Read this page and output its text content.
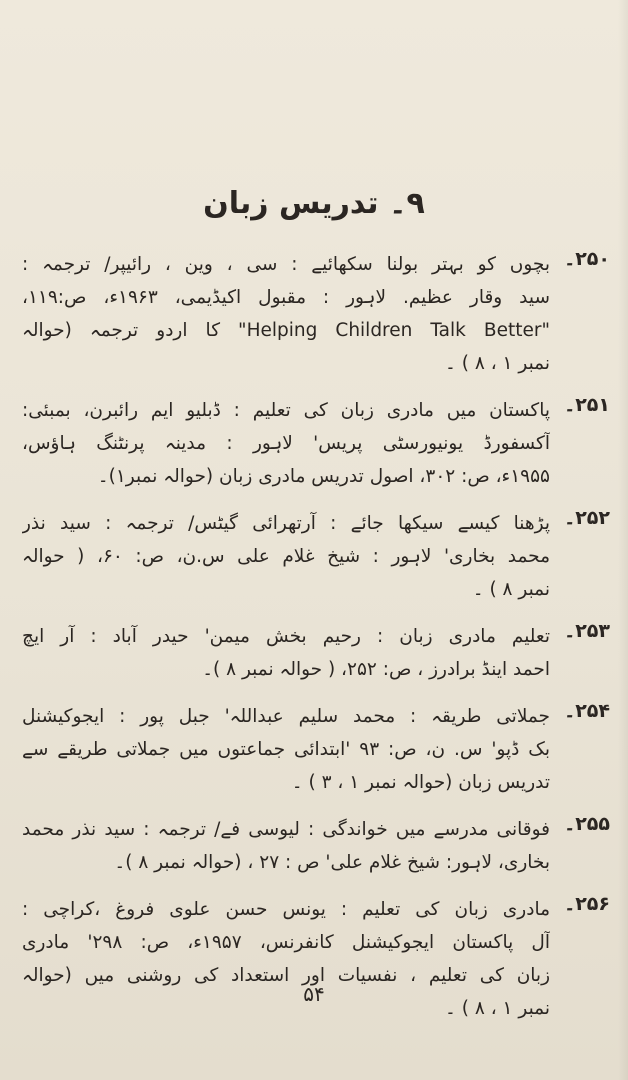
۹۔ تدریس زبان
۲۵۰۔
بچوں کو بہتر بولنا سکھائیے : سی ، وین ، رائیپر/ ترجمہ :
سید وقار عظیم. لاہور : مقبول اکیڈیمی، ۱۹۶۳ء، ص:۱۱۹،
"Helping Children Talk Better" کا اردو ترجمہ (حوالہ
نمبر ۱ ، ۸ ) ۔
۲۵۱۔
پاکستان میں مادری زبان کی تعلیم : ڈبلیو ایم رائبرن، بمبئی:
آکسفورڈ یونیورسٹی پریس' لاہور : مدینہ پرنٹنگ ہاؤس،
۱۹۵۵ء، ص: ۳۰۲، اصول تدریس مادری زبان (حوالہ نمبر۱)۔
۲۵۲۔
پڑھنا کیسے سیکھا جائے : آرتھرائی گیٹس/ ترجمہ : سید نذر
محمد بخاری' لاہور : شیخ غلام علی س.ن، ص: ۶۰، ( حوالہ
نمبر ۸ ) ۔
۲۵۳۔
تعلیم مادری زبان : رحیم بخش میمن' حیدر آباد : آر ایچ
احمد اینڈ برادرز ، ص: ۲۵۲، ( حوالہ نمبر ۸ )۔
۲۵۴۔
جملاتی طریقہ : محمد سلیم عبداللہ' جبل پور : ایجوکیشنل
بک ڈپو' س. ن، ص: ۹۳ 'ابتدائی جماعتوں میں جملاتی طریقے سے
تدریس زبان (حوالہ نمبر ۱ ، ۳ ) ۔
۲۵۵۔
فوقانی مدرسے میں خواندگی : لیوسی فے/ ترجمہ : سید نذر محمد
بخاری، لاہور: شیخ غلام علی' ص : ۲۷ ، (حوالہ نمبر ۸ )۔
۲۵۶۔
مادری زبان کی تعلیم : یونس حسن علوی فروغ ،کراچی :
آل پاکستان ایجوکیشنل کانفرنس، ۱۹۵۷ء، ص: ۲۹۸' مادری
زبان کی تعلیم ، نفسیات اور استعداد کی روشنی میں (حوالہ
نمبر ۱ ، ۸ ) ۔
۵۴
